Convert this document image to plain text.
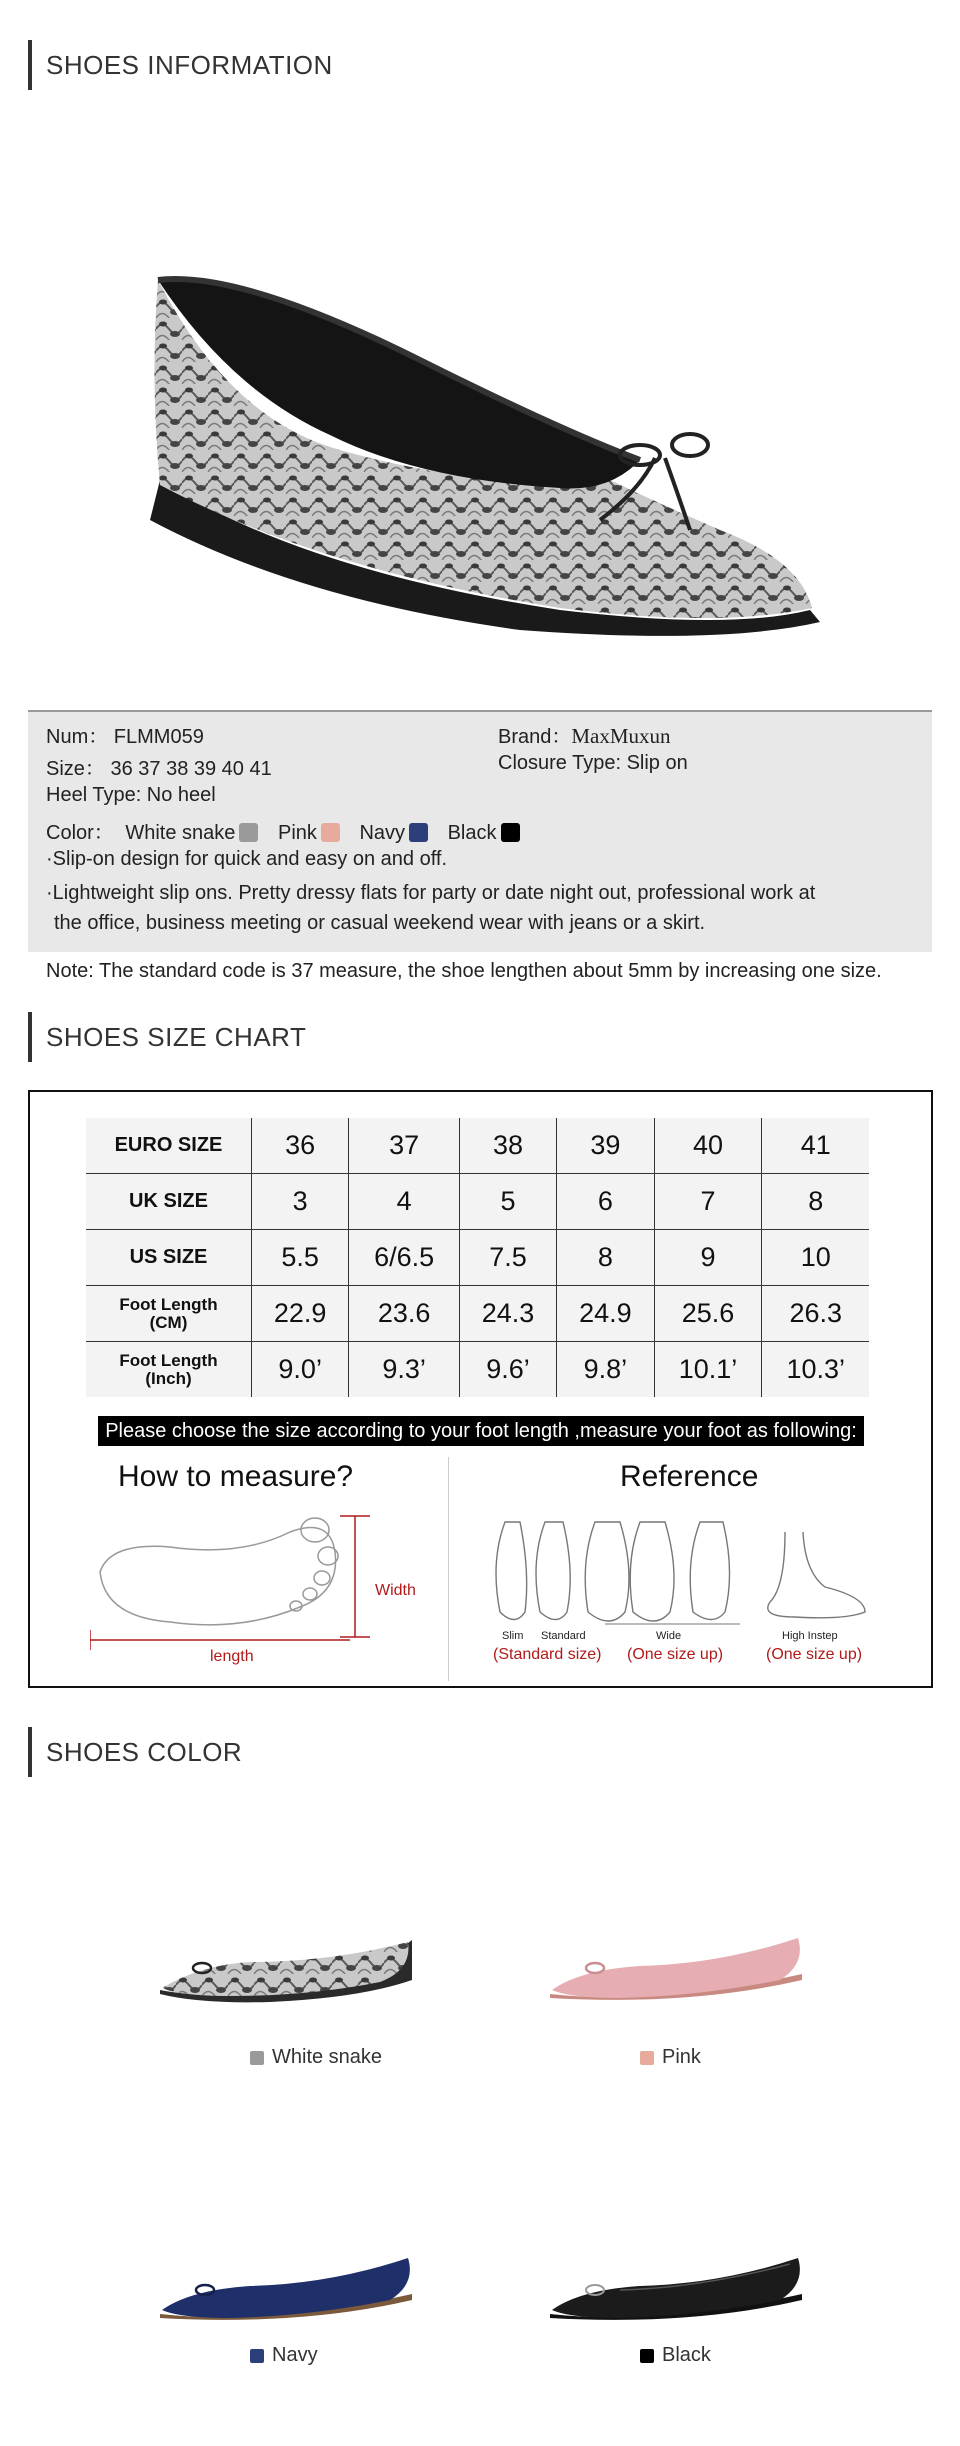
SHOES INFORMATION
Num： FLMM059	Brand：MaxMuxun
Size： 36 37 38 39 40 41	Closure Type: Slip on
Heel Type: No heel
Color： White snake Pink Navy Black
·Slip-on design for quick and easy on and off.
·Lightweight slip ons. Pretty dressy flats for party or date night out, professional work at
the office, business meeting or casual weekend wear with jeans or a skirt.
Note: The standard code is 37 measure, the shoe lengthen about 5mm by increasing one size.
SHOES SIZE CHART
EURO SIZE	36	37	38	39	40	41
UK SIZE	3	4	5	6	7	8
US SIZE	5.5	6/6.5	7.5	8	9	10
Foot Length
(CM)	22.9	23.6	24.3	24.9	25.6	26.3
Foot Length
(Inch)	9.0’	9.3’	9.6’	9.8’	10.1’	10.3’
Please choose the size according to your foot length ,measure your foot as following:
How to measure?	Reference
Width
length
Slim Standard	Wide	High Instep
(Standard size) (One size up)	(One size up)
SHOES COLOR
White snake	Pink
Navy	Black
